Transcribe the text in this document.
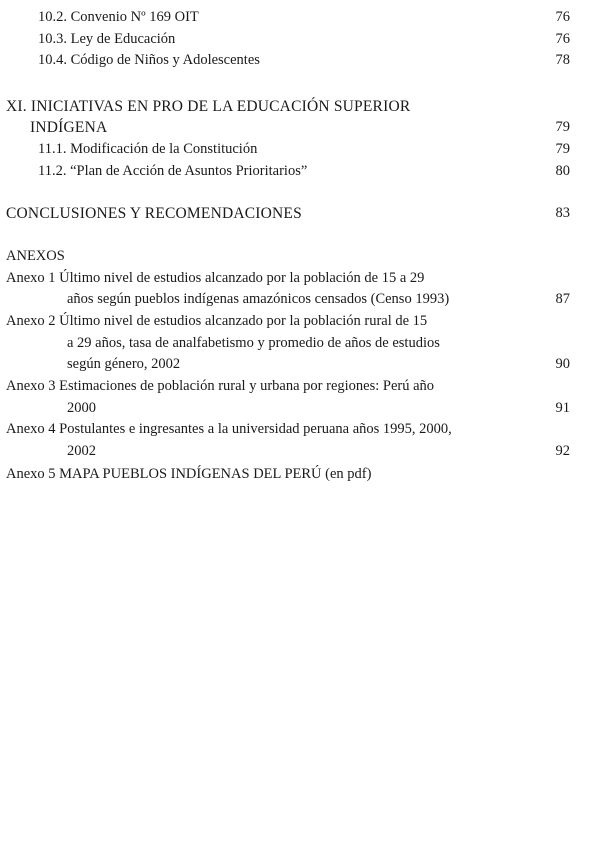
10.2. Convenio Nº 169 OIT	76
10.3. Ley de Educación	76
10.4. Código de Niños y Adolescentes	78
XI. INICIATIVAS EN PRO DE LA EDUCACIÓN SUPERIOR
INDÍGENA	79
11.1. Modificación de la Constitución	79
11.2. “Plan de Acción de Asuntos Prioritarios”	80
CONCLUSIONES Y RECOMENDACIONES	83
ANEXOS
Anexo 1 Último nivel de estudios alcanzado por la población de 15 a 29
años según pueblos indígenas amazónicos censados (Censo 1993)	87
Anexo 2 Último nivel de estudios alcanzado por la población rural de 15
a 29 años, tasa de analfabetismo y promedio de años de estudios
según género, 2002	90
Anexo 3 Estimaciones de población rural y urbana por regiones: Perú año
2000	91
Anexo 4 Postulantes e ingresantes a la universidad peruana años 1995, 2000,
2002	92
Anexo 5 MAPA PUEBLOS INDÍGENAS DEL PERÚ (en pdf)
